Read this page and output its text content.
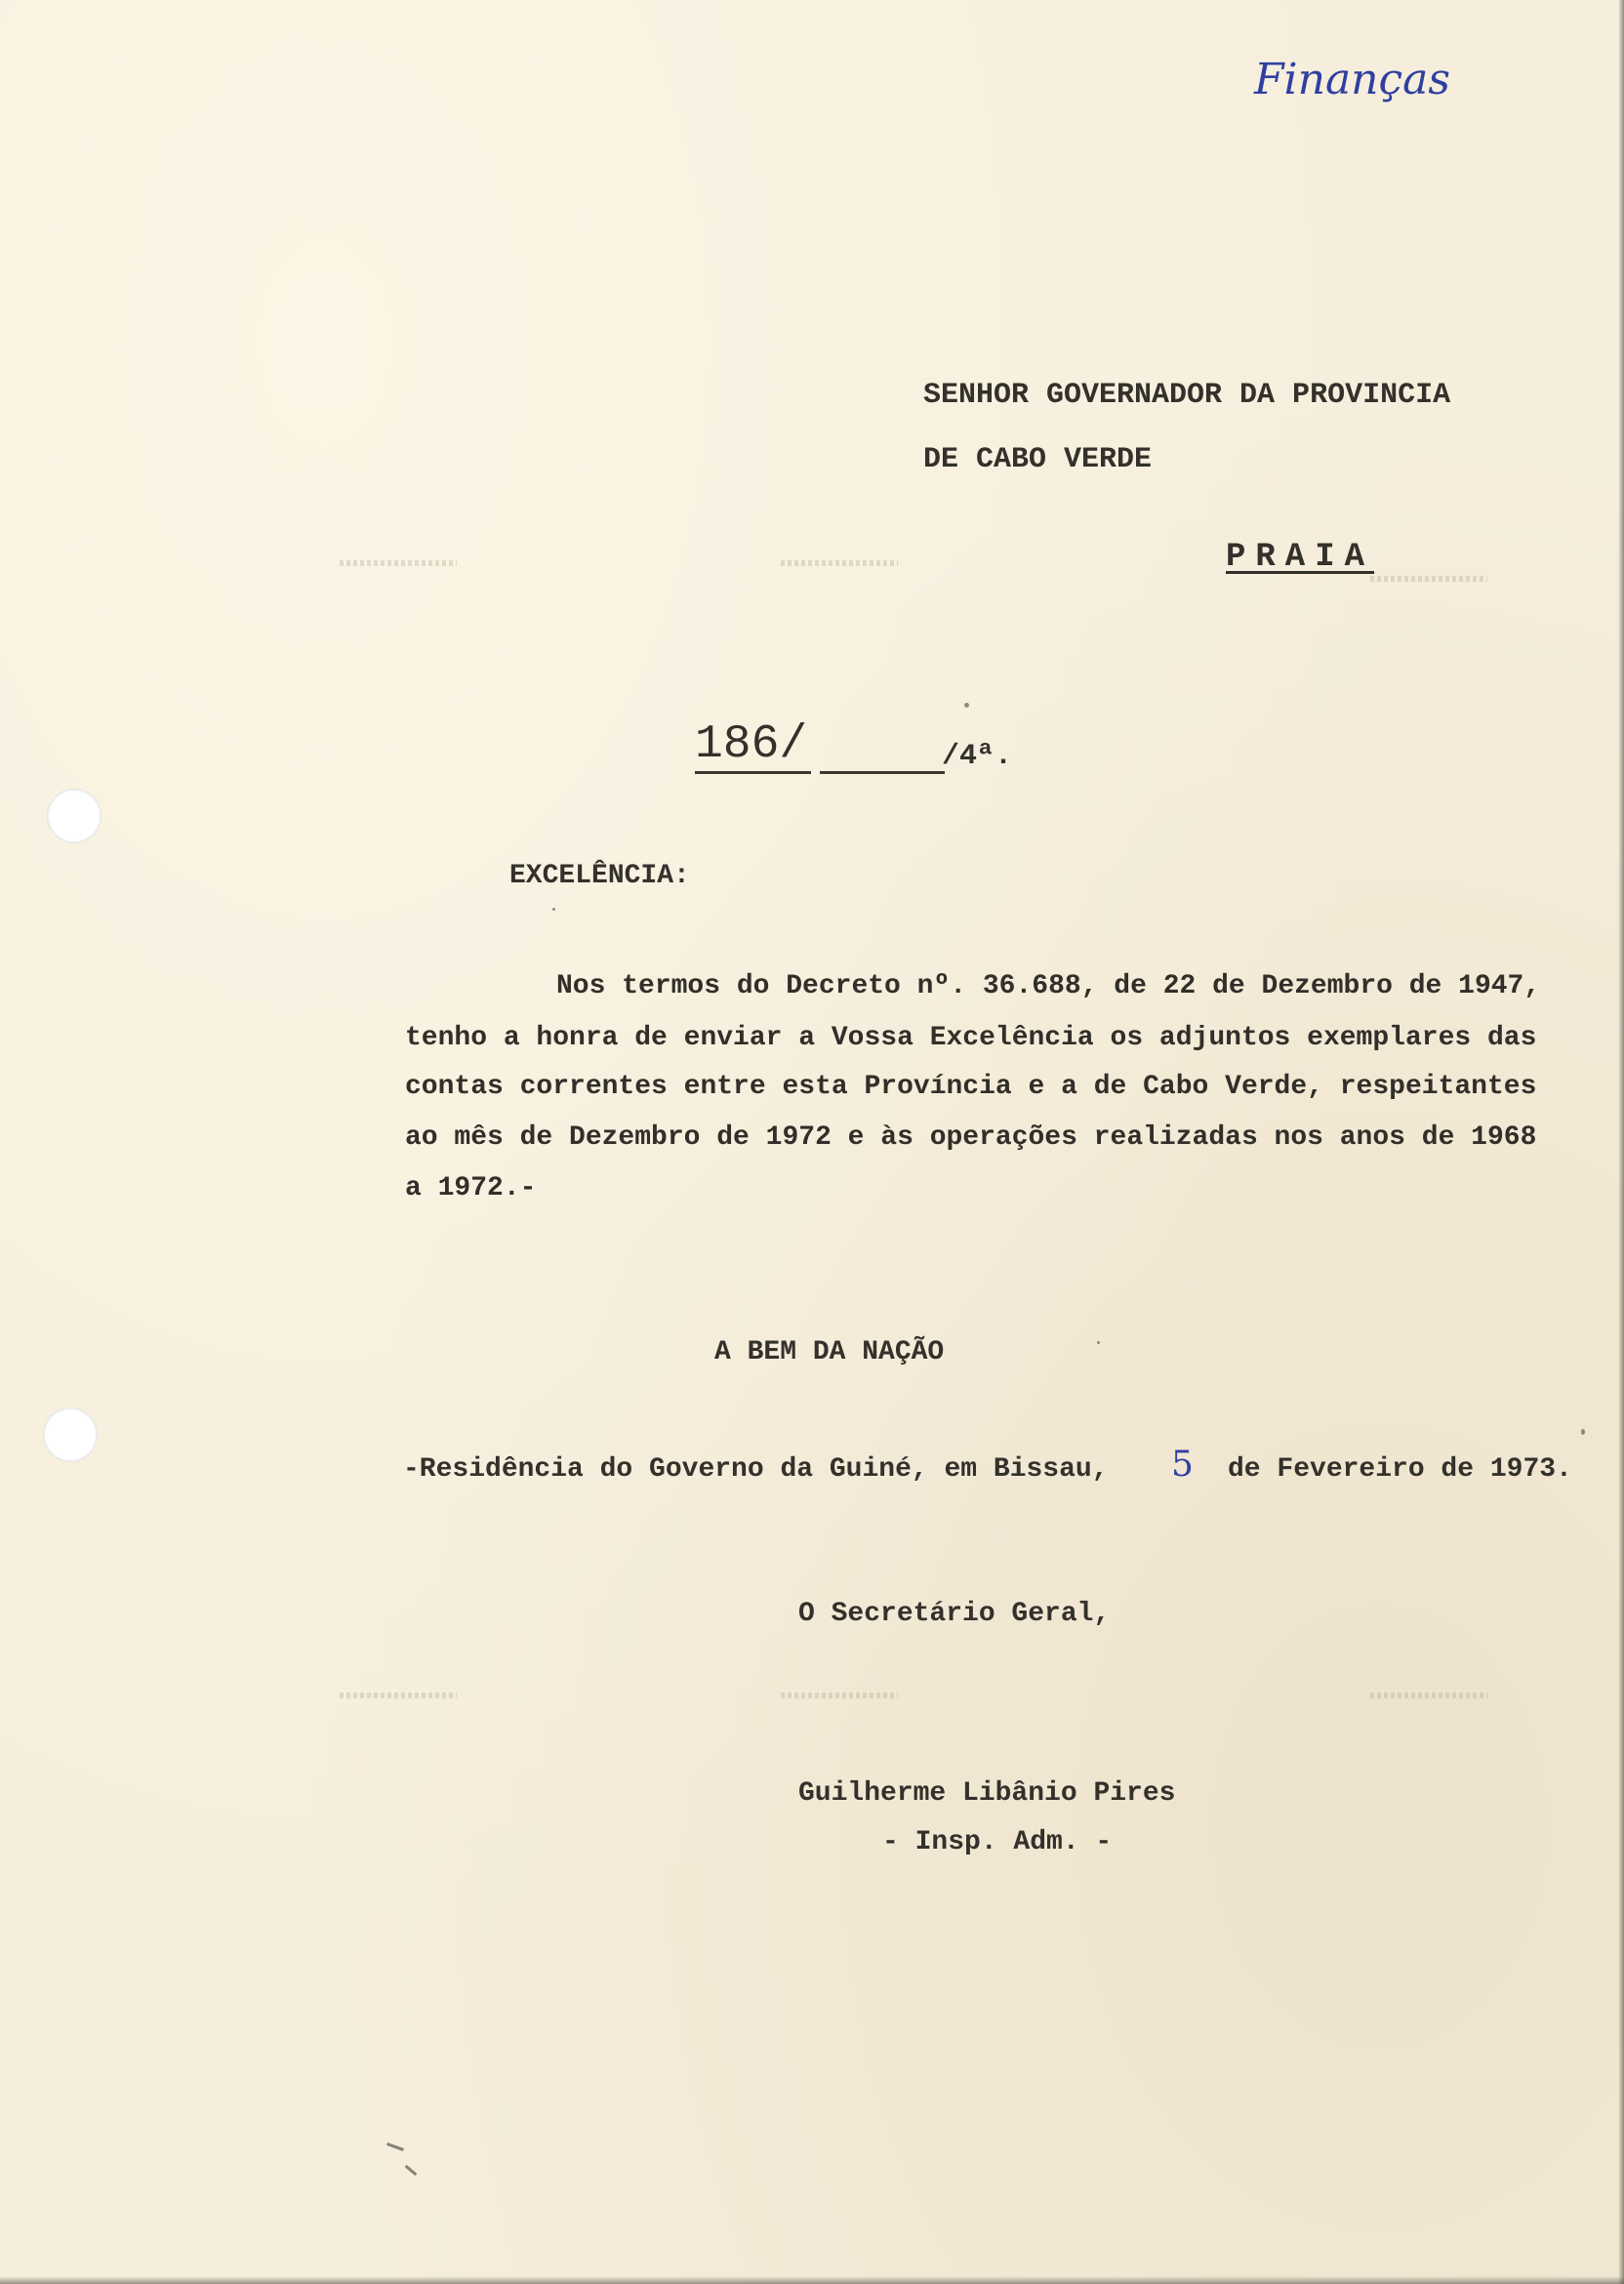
Finanças
SENHOR GOVERNADOR DA PROVINCIA
DE CABO VERDE
PRAIA
186/	/4ª.
EXCELÊNCIA:
Nos termos do Decreto nº. 36.688, de 22 de Dezembro de 1947,
tenho a honra de enviar a Vossa Excelência os adjuntos exemplares das
contas correntes entre esta Província e a de Cabo Verde, respeitantes
ao mês de Dezembro de 1972 e às operações realizadas nos anos de 1968
a 1972.-
A BEM DA NAÇÃO
-Residência do Governo da Guiné, em Bissau, 5 de Fevereiro de 1973.
O Secretário Geral,
Guilherme Libânio Pires
- Insp. Adm. -
